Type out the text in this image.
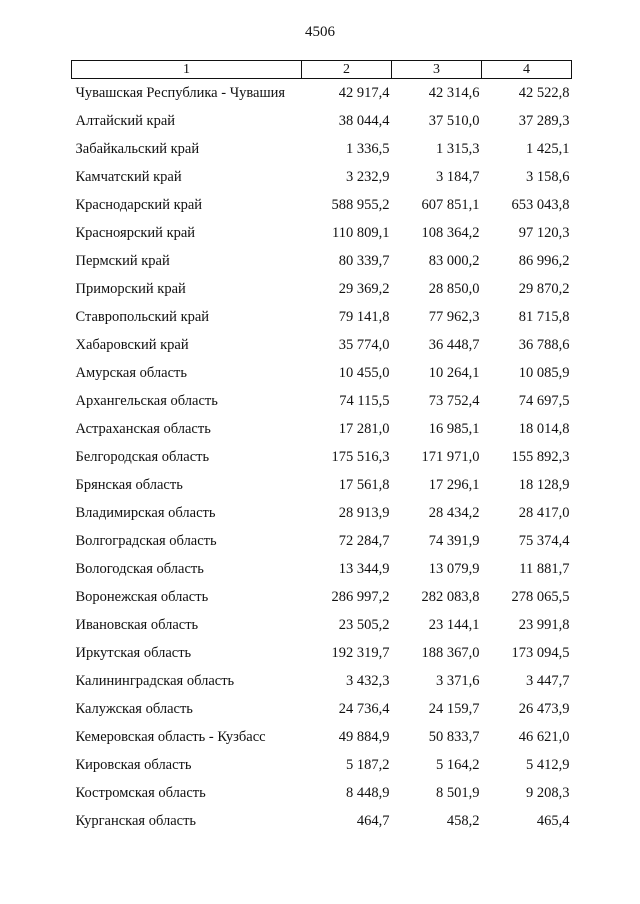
4506
1	2	3	4
Чувашская Республика - Чувашия	42 917,4	42 314,6	42 522,8
Алтайский край	38 044,4	37 510,0	37 289,3
Забайкальский край	1 336,5	1 315,3	1 425,1
Камчатский край	3 232,9	3 184,7	3 158,6
Краснодарский край	588 955,2	607 851,1	653 043,8
Красноярский край	110 809,1	108 364,2	97 120,3
Пермский край	80 339,7	83 000,2	86 996,2
Приморский край	29 369,2	28 850,0	29 870,2
Ставропольский край	79 141,8	77 962,3	81 715,8
Хабаровский край	35 774,0	36 448,7	36 788,6
Амурская область	10 455,0	10 264,1	10 085,9
Архангельская область	74 115,5	73 752,4	74 697,5
Астраханская область	17 281,0	16 985,1	18 014,8
Белгородская область	175 516,3	171 971,0	155 892,3
Брянская область	17 561,8	17 296,1	18 128,9
Владимирская область	28 913,9	28 434,2	28 417,0
Волгоградская область	72 284,7	74 391,9	75 374,4
Вологодская область	13 344,9	13 079,9	11 881,7
Воронежская область	286 997,2	282 083,8	278 065,5
Ивановская область	23 505,2	23 144,1	23 991,8
Иркутская область	192 319,7	188 367,0	173 094,5
Калининградская область	3 432,3	3 371,6	3 447,7
Калужская область	24 736,4	24 159,7	26 473,9
Кемеровская область - Кузбасс	49 884,9	50 833,7	46 621,0
Кировская область	5 187,2	5 164,2	5 412,9
Костромская область	8 448,9	8 501,9	9 208,3
Курганская область	464,7	458,2	465,4
